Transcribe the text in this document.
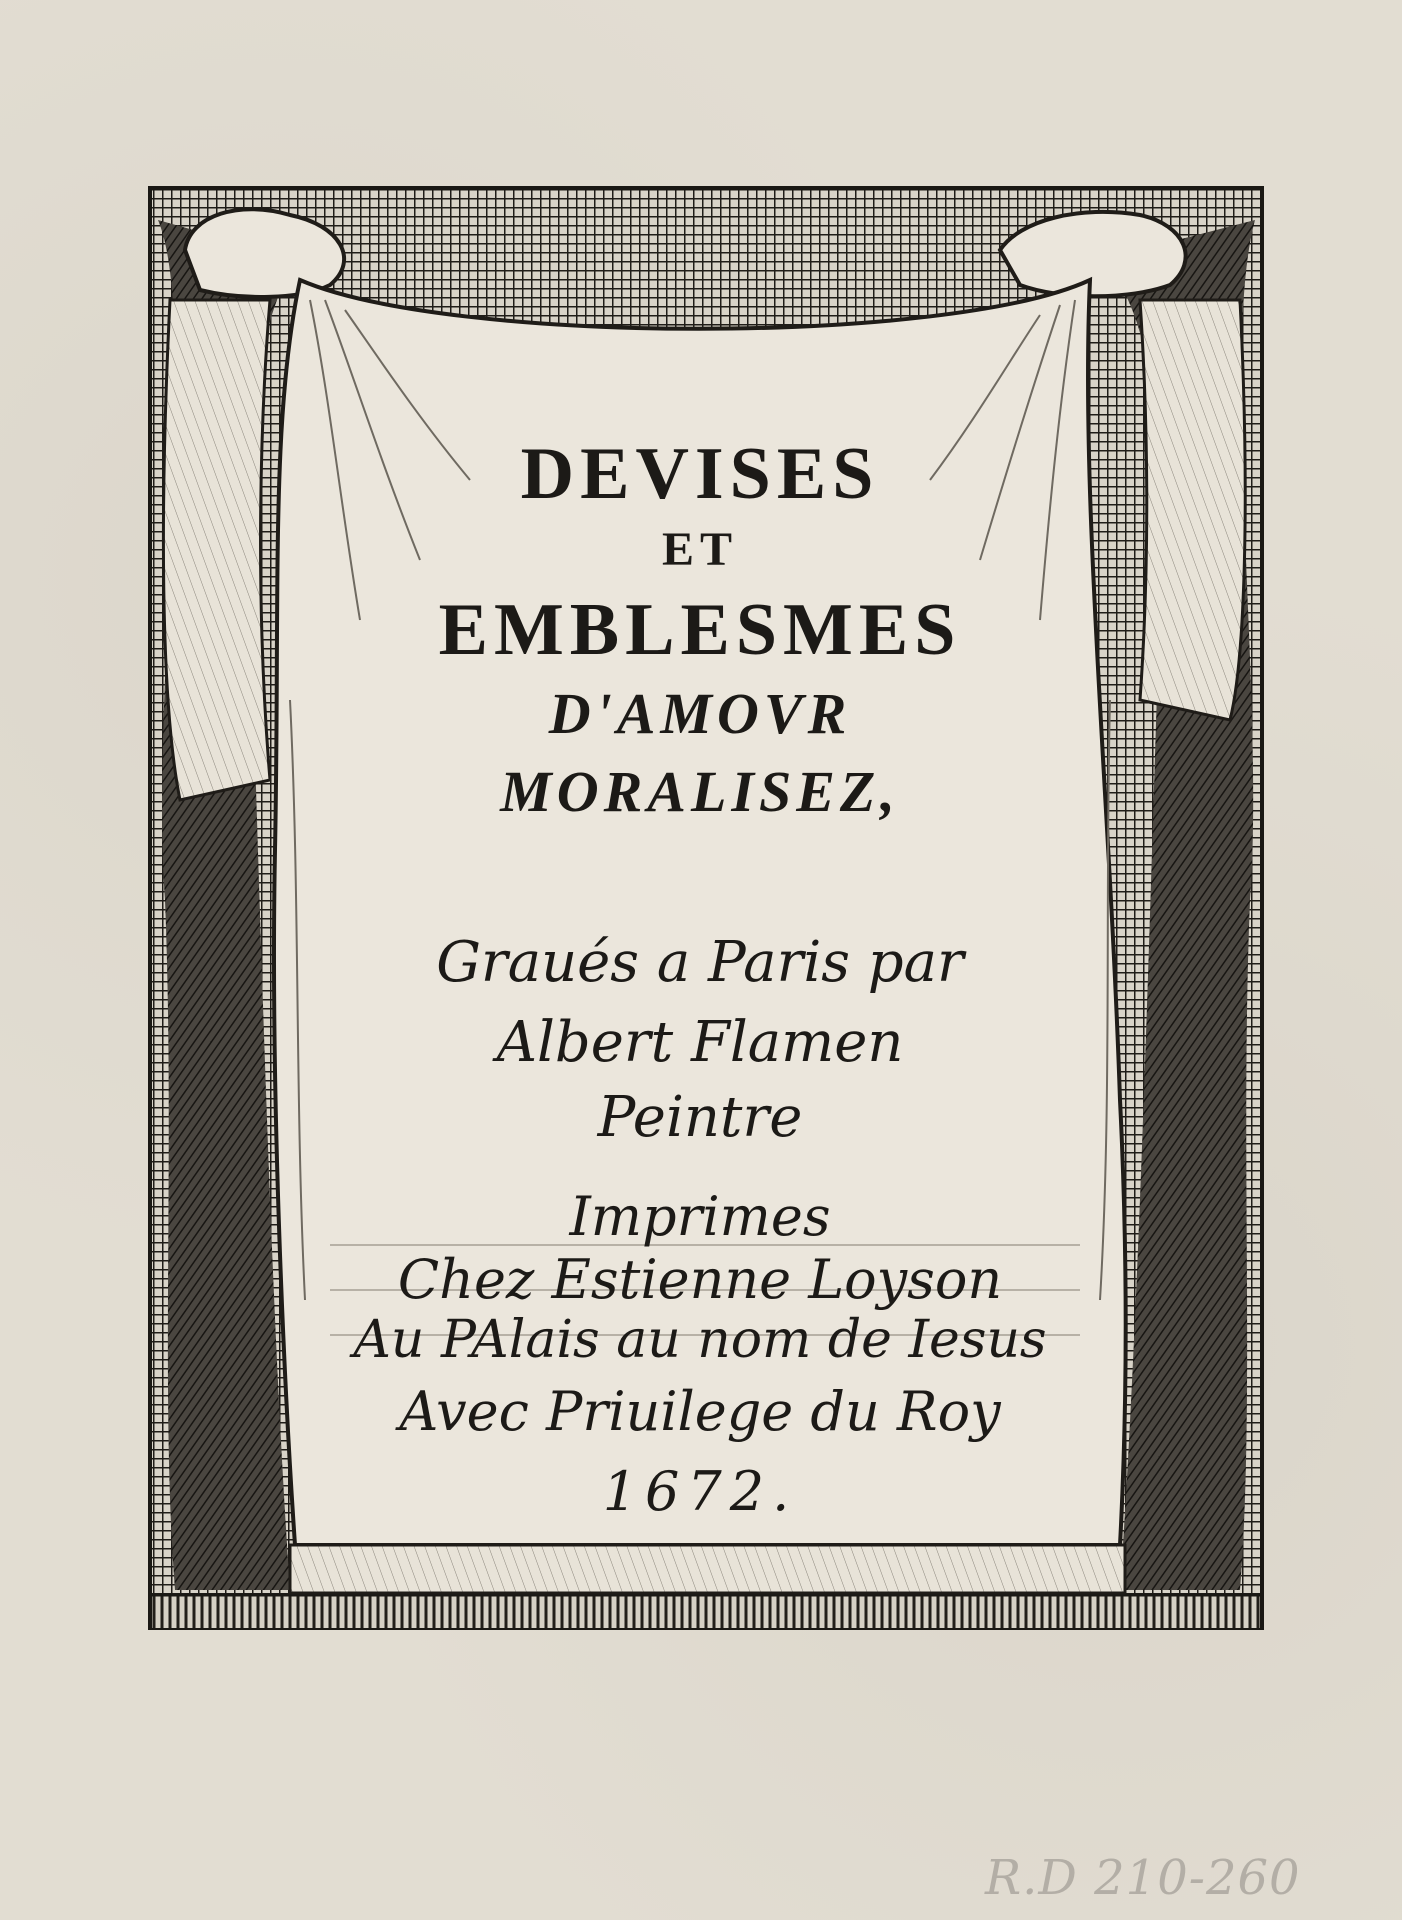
DEVISES
ET
EMBLESMES
D'AMOVR
MORALISEZ,
Graués a Paris par
Albert Flamen
Peintre
Imprimes
Chez Estienne Loyson
Au PAlais au nom de Iesus
Avec Priuilege du Roy
1672.
R.D 210-260
